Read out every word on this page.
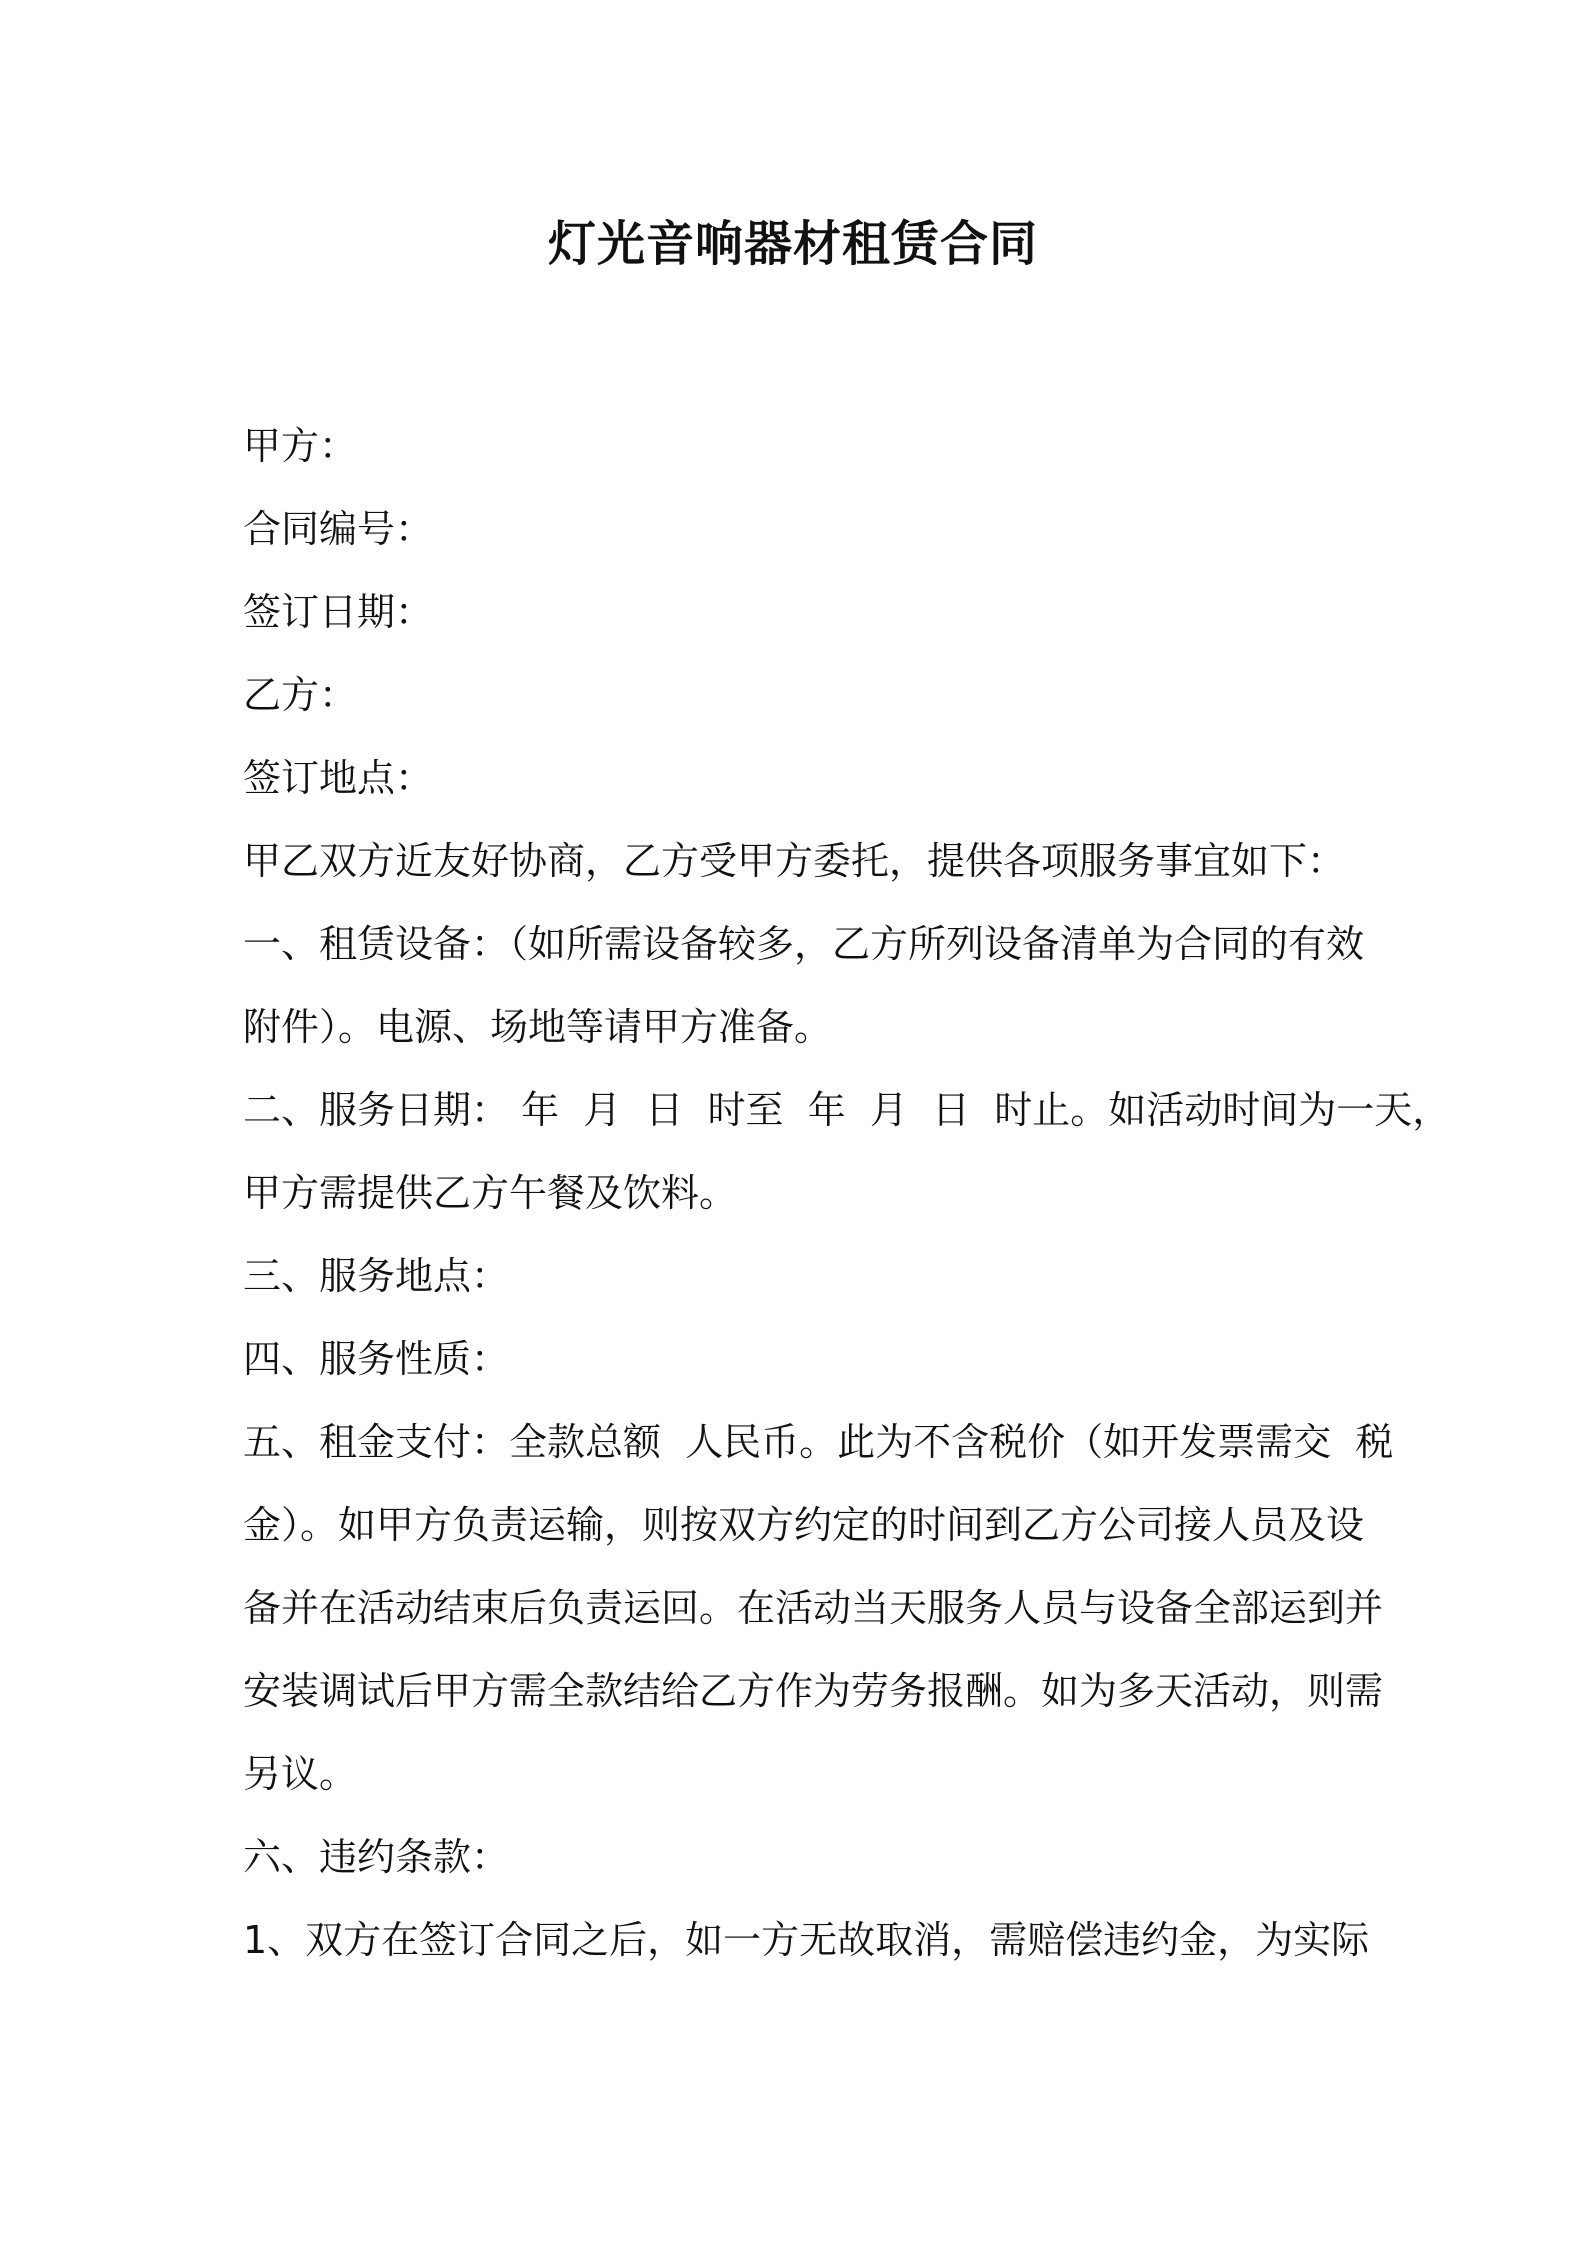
灯光音响器材租赁合同
甲方：
合同编号：
签订日期：
乙方：
签订地点：
甲乙双方近友好协商，乙方受甲方委托，提供各项服务事宜如下：
一、租赁设备：（如所需设备较多，乙方所列设备清单为合同的有效
附件）。电源、场地等请甲方准备。
二、服务日期： 年  月  日  时至  年  月  日  时止。如活动时间为一天，
甲方需提供乙方午餐及饮料。
三、服务地点：
四、服务性质：
五、租金支付：全款总额  人民币。此为不含税价（如开发票需交  税
金）。如甲方负责运输，则按双方约定的时间到乙方公司接人员及设
备并在活动结束后负责运回。在活动当天服务人员与设备全部运到并
安装调试后甲方需全款结给乙方作为劳务报酬。如为多天活动，则需
另议。
六、违约条款：
1、双方在签订合同之后，如一方无故取消，需赔偿违约金，为实际
